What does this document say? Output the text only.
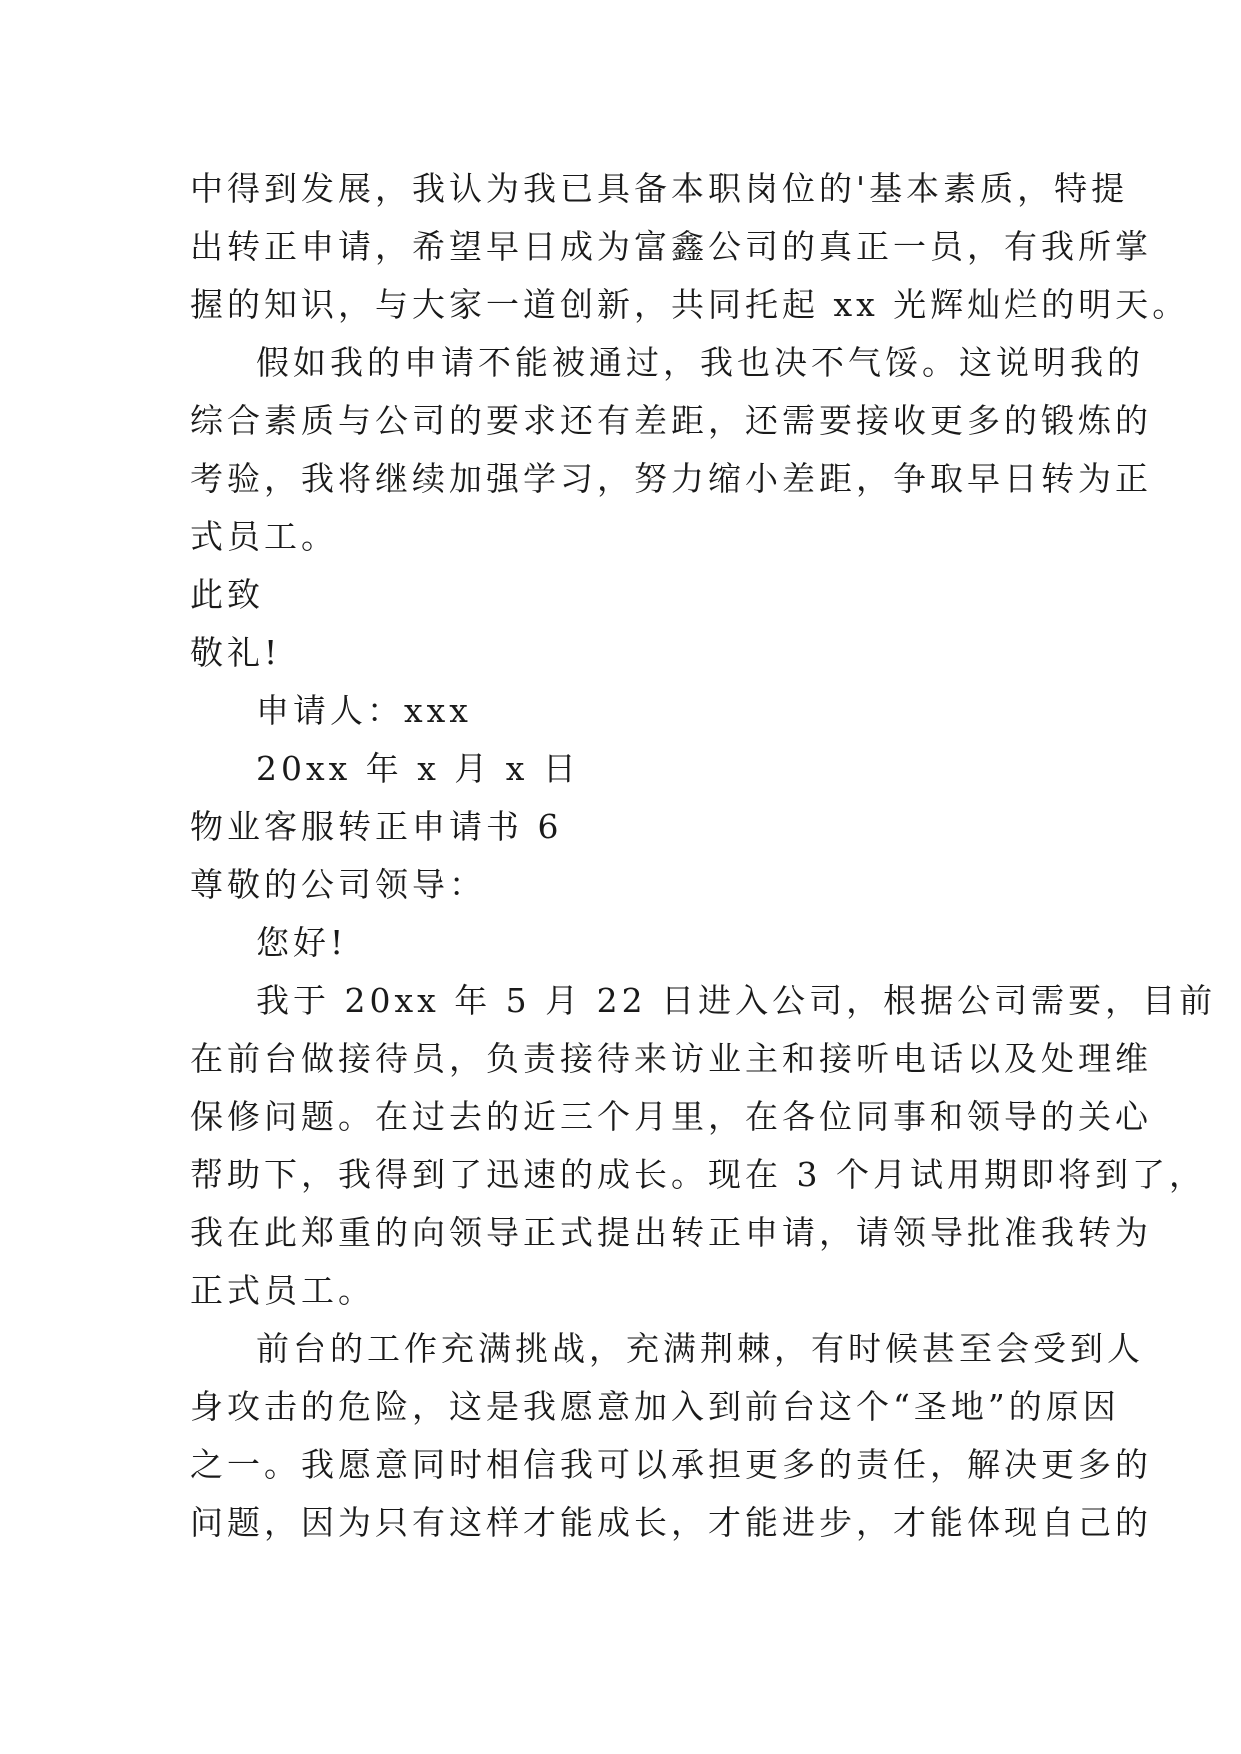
中得到发展，我认为我已具备本职岗位的'基本素质，特提
出转正申请，希望早日成为富鑫公司的真正一员，有我所掌
握的知识，与大家一道创新，共同托起 xx 光辉灿烂的明天。
假如我的申请不能被通过，我也决不气馁。这说明我的
综合素质与公司的要求还有差距，还需要接收更多的锻炼的
考验，我将继续加强学习，努力缩小差距，争取早日转为正
式员工。
此致
敬礼!
申请人：xxx
20xx 年 x 月 x 日
物业客服转正申请书 6
尊敬的公司领导：
您好!
我于 20xx 年 5 月 22 日进入公司，根据公司需要，目前
在前台做接待员，负责接待来访业主和接听电话以及处理维
保修问题。在过去的近三个月里，在各位同事和领导的关心
帮助下，我得到了迅速的成长。现在 3 个月试用期即将到了，
我在此郑重的向领导正式提出转正申请，请领导批准我转为
正式员工。
前台的工作充满挑战，充满荆棘，有时候甚至会受到人
身攻击的危险，这是我愿意加入到前台这个“圣地”的原因
之一。我愿意同时相信我可以承担更多的责任，解决更多的
问题，因为只有这样才能成长，才能进步，才能体现自己的
